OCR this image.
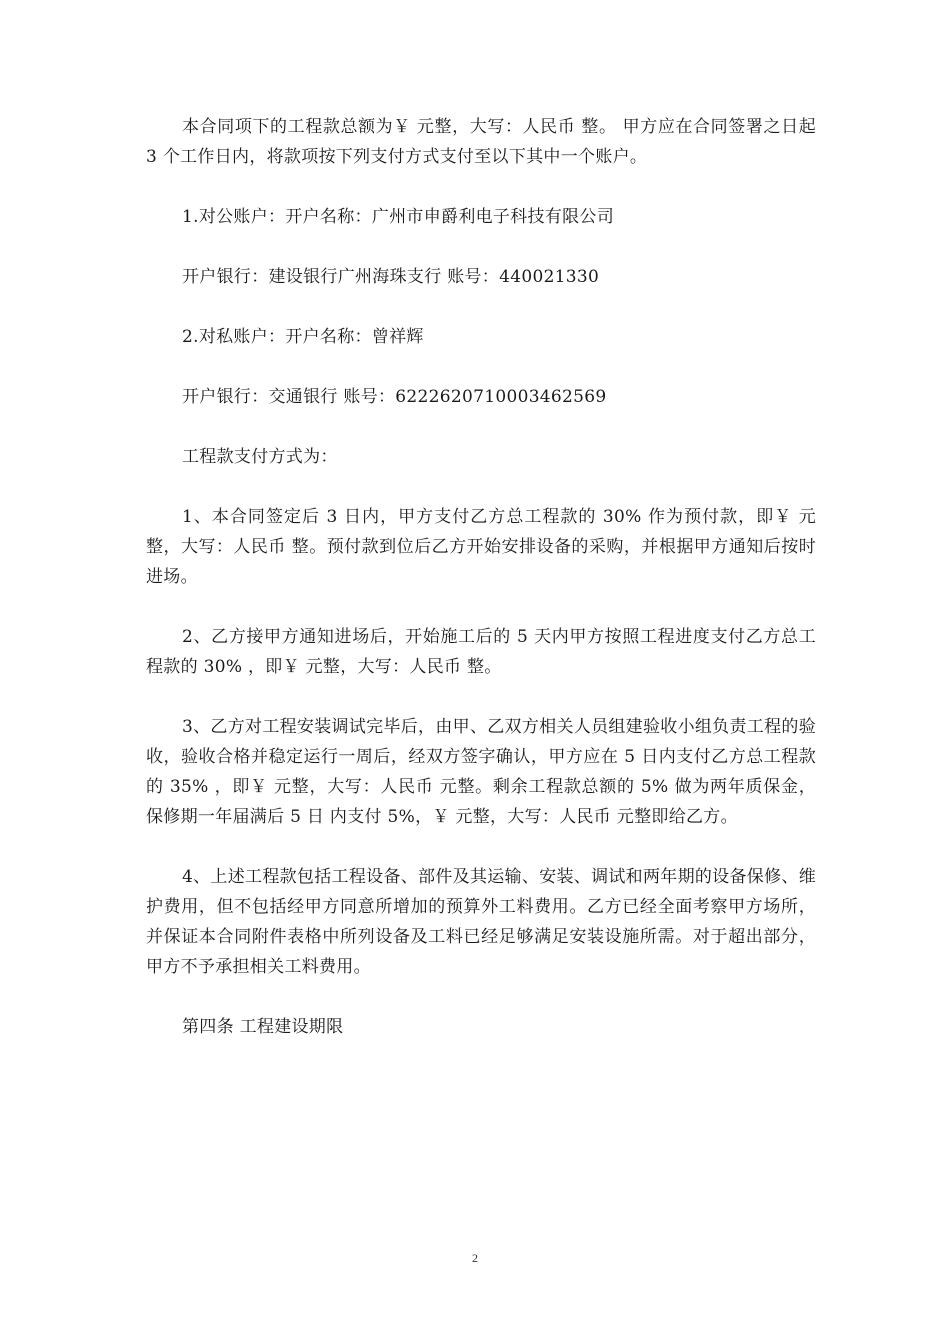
本合同项下的工程款总额为￥ 元整，大写：人民币 整。 甲方应在合同签署之日起 3 个工作日内，将款项按下列支付方式支付至以下其中一个账户。

1.对公账户：开户名称：广州市申爵利电子科技有限公司

开户银行：建设银行广州海珠支行 账号：440021330

2.对私账户：开户名称：曾祥辉

开户银行：交通银行 账号：6222620710003462569

工程款支付方式为：

1、本合同签定后 3 日内，甲方支付乙方总工程款的 30% 作为预付款，即￥ 元整，大写：人民币 整。预付款到位后乙方开始安排设备的采购，并根据甲方通知后按时进场。

2、乙方接甲方通知进场后，开始施工后的 5 天内甲方按照工程进度支付乙方总工程款的 30% ，即￥ 元整，大写：人民币 整。

3、乙方对工程安装调试完毕后，由甲、乙双方相关人员组建验收小组负责工程的验收，验收合格并稳定运行一周后，经双方签字确认，甲方应在 5 日内支付乙方总工程款的 35% ，即￥ 元整，大写：人民币 元整。剩余工程款总额的 5% 做为两年质保金，保修期一年届满后 5 日 内支付 5%，￥ 元整，大写：人民币 元整即给乙方。

4、上述工程款包括工程设备、部件及其运输、安装、调试和两年期的设备保修、维护费用，但不包括经甲方同意所增加的预算外工料费用。乙方已经全面考察甲方场所，并保证本合同附件表格中所列设备及工料已经足够满足安装设施所需。对于超出部分，甲方不予承担相关工料费用。

第四条 工程建设期限

2
